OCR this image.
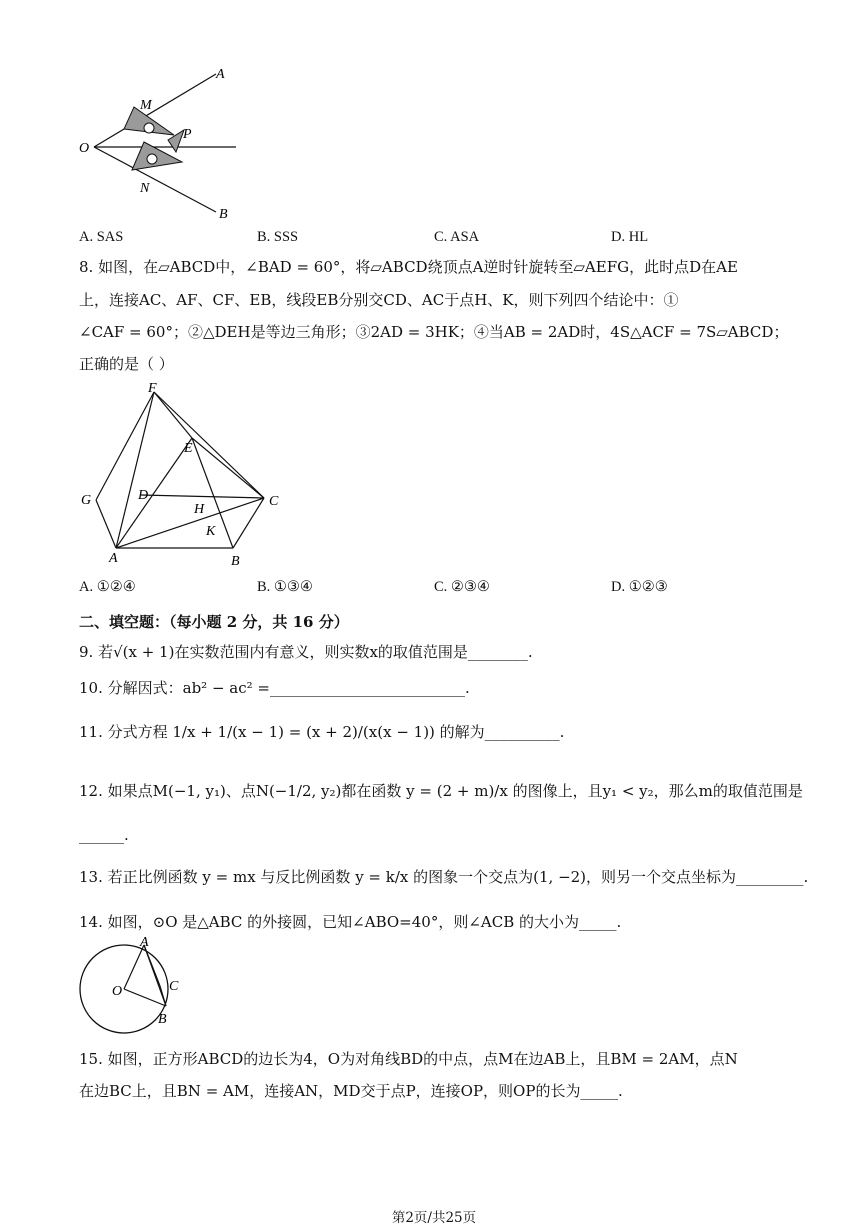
A
M
P
O
N
B
A. SAS	B. SSS	C. ASA	D. HL
8. 如图，在▱ABCD中，∠BAD = 60°，将▱ABCD绕顶点A逆时针旋转至▱AEFG，此时点D在AE
上，连接AC、AF、CF、EB，线段EB分别交CD、AC于点H、K，则下列四个结论中：①
∠CAF = 60°；②△DEH是等边三角形；③2AD = 3HK；④当AB = 2AD时，4S△ACF = 7S▱ABCD；
正确的是（ ）
F
E
G	D
H
C
K
A	B
A. ①②④	B. ①③④	C. ②③④	D. ①②③
二、填空题：（每小题 2 分，共 16 分）
9. 若√(x + 1)在实数范围内有意义，则实数x的取值范围是________.
10. 分解因式：ab² − ac² =__________________________.
11. 分式方程 1/x + 1/(x − 1) = (x + 2)/(x(x − 1)) 的解为__________.
12. 如果点M(−1, y₁)、点N(−1/2, y₂)都在函数 y = (2 + m)/x 的图像上，且y₁ < y₂，那么m的取值范围是
______.
13. 若正比例函数 y = mx 与反比例函数 y = k/x 的图象一个交点为(1, −2)，则另一个交点坐标为_________.
14. 如图，⊙O 是△ABC 的外接圆，已知∠ABO=40°，则∠ACB 的大小为_____.
A
O	C
B
15. 如图，正方形ABCD的边长为4，O为对角线BD的中点，点M在边AB上，且BM = 2AM，点N
在边BC上，且BN = AM，连接AN，MD交于点P，连接OP，则OP的长为_____.
第2页/共25页
